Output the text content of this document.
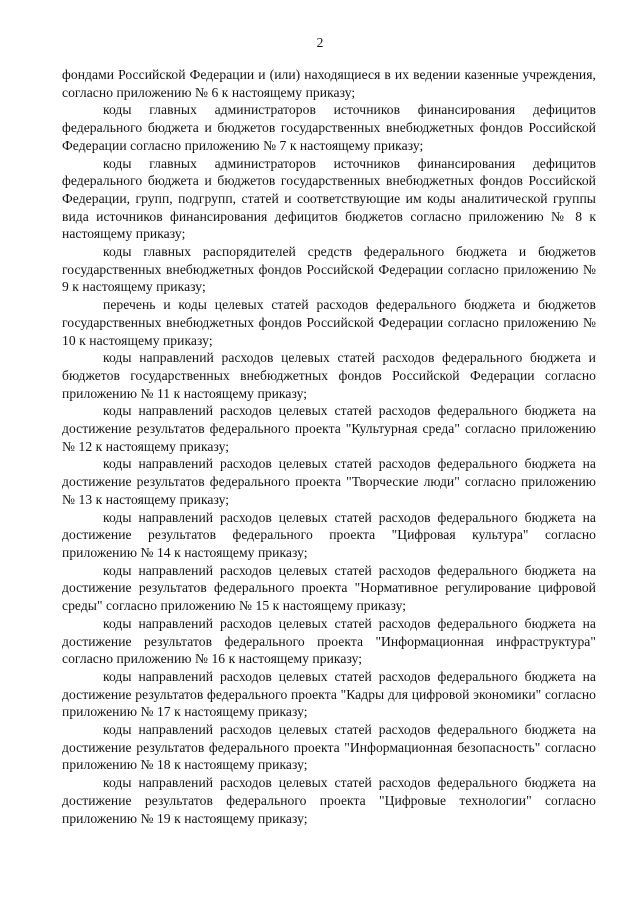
2

фондами Российской Федерации и (или) находящиеся в их ведении казенные учреждения, согласно приложению № 6 к настоящему приказу;

коды главных администраторов источников финансирования дефицитов федерального бюджета и бюджетов государственных внебюджетных фондов Российской Федерации согласно приложению № 7 к настоящему приказу;

коды главных администраторов источников финансирования дефицитов федерального бюджета и бюджетов государственных внебюджетных фондов Российской Федерации, групп, подгрупп, статей и соответствующие им коды аналитической группы вида источников финансирования дефицитов бюджетов согласно приложению № 8 к настоящему приказу;

коды главных распорядителей средств федерального бюджета и бюджетов государственных внебюджетных фондов Российской Федерации согласно приложению № 9 к настоящему приказу;

перечень и коды целевых статей расходов федерального бюджета и бюджетов государственных внебюджетных фондов Российской Федерации согласно приложению № 10 к настоящему приказу;

коды направлений расходов целевых статей расходов федерального бюджета и бюджетов государственных внебюджетных фондов Российской Федерации согласно приложению № 11 к настоящему приказу;

коды направлений расходов целевых статей расходов федерального бюджета на достижение результатов федерального проекта "Культурная среда" согласно приложению № 12 к настоящему приказу;

коды направлений расходов целевых статей расходов федерального бюджета на достижение результатов федерального проекта "Творческие люди" согласно приложению № 13 к настоящему приказу;

коды направлений расходов целевых статей расходов федерального бюджета на достижение результатов федерального проекта "Цифровая культура" согласно приложению № 14 к настоящему приказу;

коды направлений расходов целевых статей расходов федерального бюджета на достижение результатов федерального проекта "Нормативное регулирование цифровой среды" согласно приложению № 15 к настоящему приказу;

коды направлений расходов целевых статей расходов федерального бюджета на достижение результатов федерального проекта "Информационная инфраструктура" согласно приложению № 16 к настоящему приказу;

коды направлений расходов целевых статей расходов федерального бюджета на достижение результатов федерального проекта "Кадры для цифровой экономики" согласно приложению № 17 к настоящему приказу;

коды направлений расходов целевых статей расходов федерального бюджета на достижение результатов федерального проекта "Информационная безопасность" согласно приложению № 18 к настоящему приказу;

коды направлений расходов целевых статей расходов федерального бюджета на достижение результатов федерального проекта "Цифровые технологии" согласно приложению № 19 к настоящему приказу;
